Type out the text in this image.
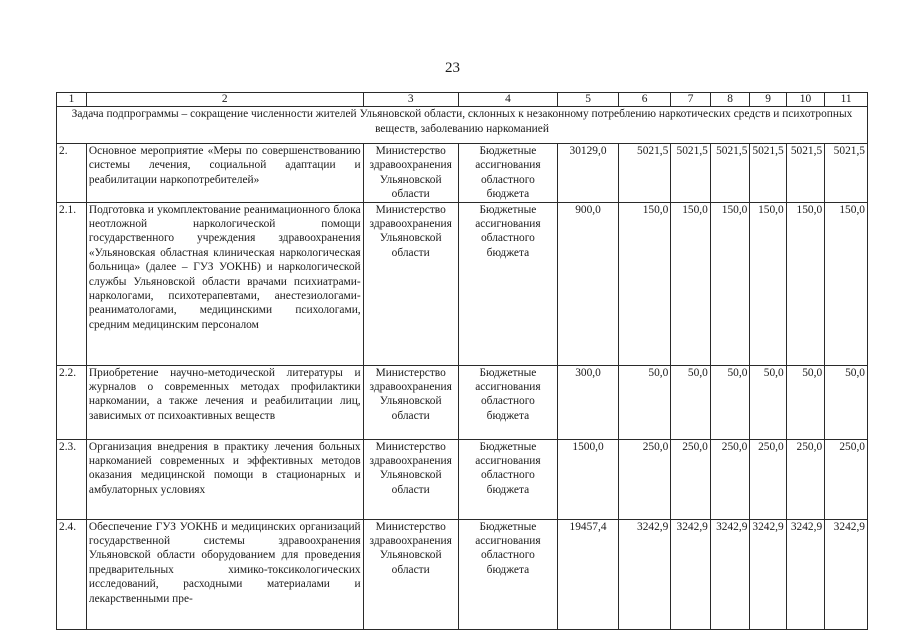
23
1	2	3	4	5	6	7	8	9	10	11
Задача подпрограммы – сокращение численности жителей Ульяновской области, склонных к незаконному потреблению наркотических средств и психотропных веществ, заболеванию наркоманией										
2.	Основное мероприятие «Меры по совершенствованию системы лечения, социальной адаптации и реабилитации наркопотребителей»	Министерство здравоохранения Ульяновской области	Бюджетные ассигнования областного бюджета	30129,0	5021,5	5021,5	5021,5	5021,5	5021,5	5021,5
2.1.	Подготовка и укомплектование реанимационного блока неотложной наркологической помощи государственного учреждения здравоохранения «Ульяновская областная клиническая наркологическая больница» (далее – ГУЗ УОКНБ) и наркологической службы Ульяновской области врачами психиатрами-наркологами, психотерапевтами, анестезиологами-реаниматологами, медицинскими психологами, средним медицинским персоналом	Министерство здравоохранения Ульяновской области	Бюджетные ассигнования областного бюджета	900,0	150,0	150,0	150,0	150,0	150,0	150,0
2.2.	Приобретение научно-методической литературы и журналов о современных методах профилактики наркомании, а также лечения и реабилитации лиц, зависимых от психоактивных веществ	Министерство здравоохранения Ульяновской области	Бюджетные ассигнования областного бюджета	300,0	50,0	50,0	50,0	50,0	50,0	50,0
2.3.	Организация внедрения в практику лечения больных наркоманией современных и эффективных методов оказания медицинской помощи в стационарных и амбулаторных условиях	Министерство здравоохранения Ульяновской области	Бюджетные ассигнования областного бюджета	1500,0	250,0	250,0	250,0	250,0	250,0	250,0
2.4.	Обеспечение ГУЗ УОКНБ и медицинских организаций государственной системы здравоохранения Ульяновской области оборудованием для проведения предварительных химико-токсикологических исследований, расходными материалами и лекарственными пре-	Министерство здравоохранения Ульяновской области	Бюджетные ассигнования областного бюджета	19457,4	3242,9	3242,9	3242,9	3242,9	3242,9	3242,9
